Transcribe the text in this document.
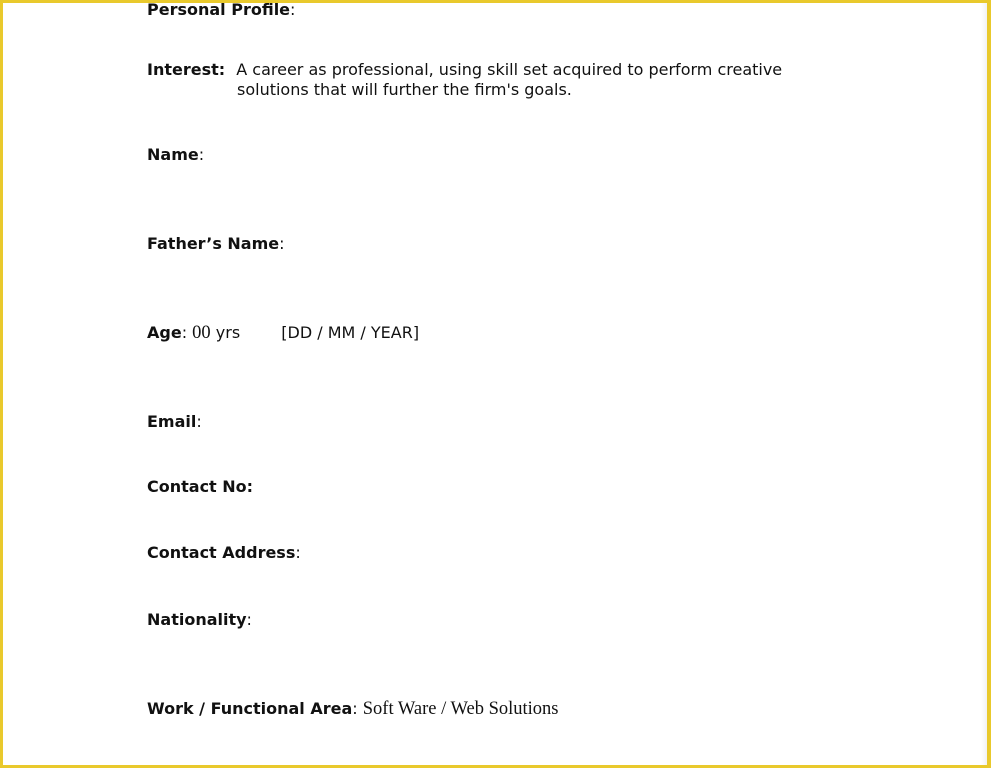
Personal Profile:
Interest: A career as professional, using skill set acquired to perform creative
solutions that will further the firm's goals.
Name:
Father’s Name:
Age: 00 yrs	[DD / MM / YEAR]
Email:
Contact No:
Contact Address:
Nationality:
Work / Functional Area: Soft Ware / Web Solutions
